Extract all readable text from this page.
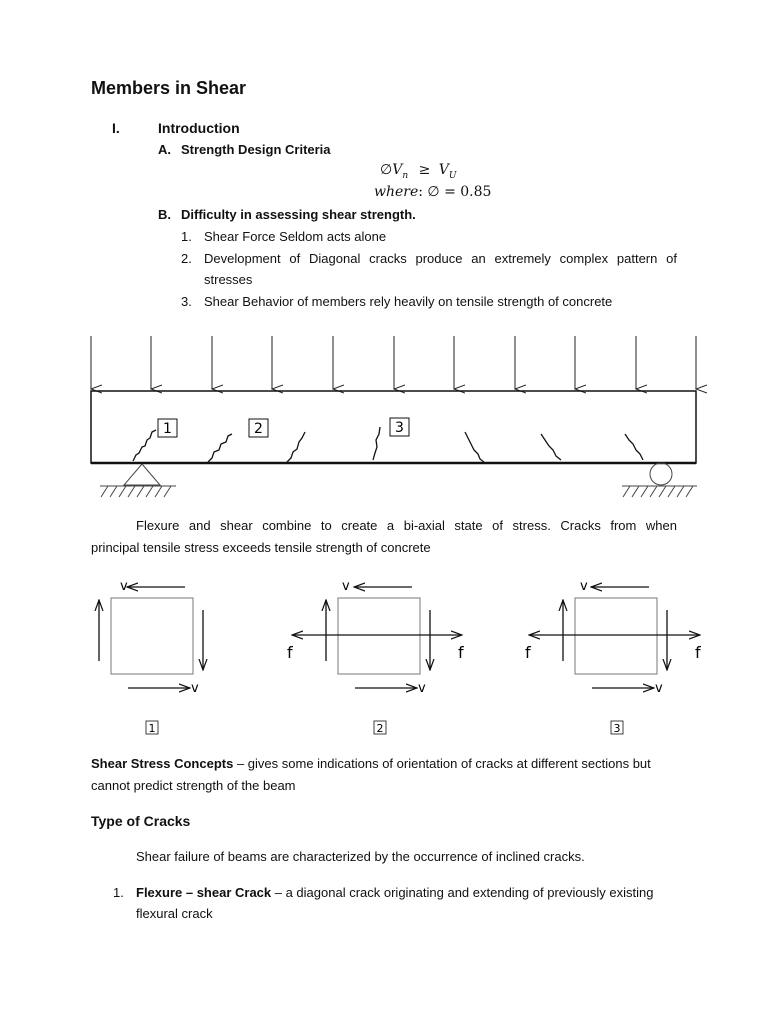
Members in Shear
I.	Introduction
A. Strength Design Criteria
$\emptyset V_n \ge V_U$
where: ∅ = 0.85
B. Difficulty in assessing shear strength.
1. Shear Force Seldom acts alone
2. Development of Diagonal cracks produce an extremely complex pattern of
stresses
3. Shear Behavior of members rely heavily on tensile strength of concrete
1	2	3
Flexure and shear combine to create a bi-axial state of stress. Cracks from when
principal tensile stress exceeds tensile strength of concrete
v
v
v
v
f	f
v
v
f	f
1	2	3
Shear Stress Concepts – gives some indications of orientation of cracks at different sections but
cannot predict strength of the beam
Type of Cracks
Shear failure of beams are characterized by the occurrence of inclined cracks.
1. Flexure – shear Crack – a diagonal crack originating and extending of previously existing
flexural crack
